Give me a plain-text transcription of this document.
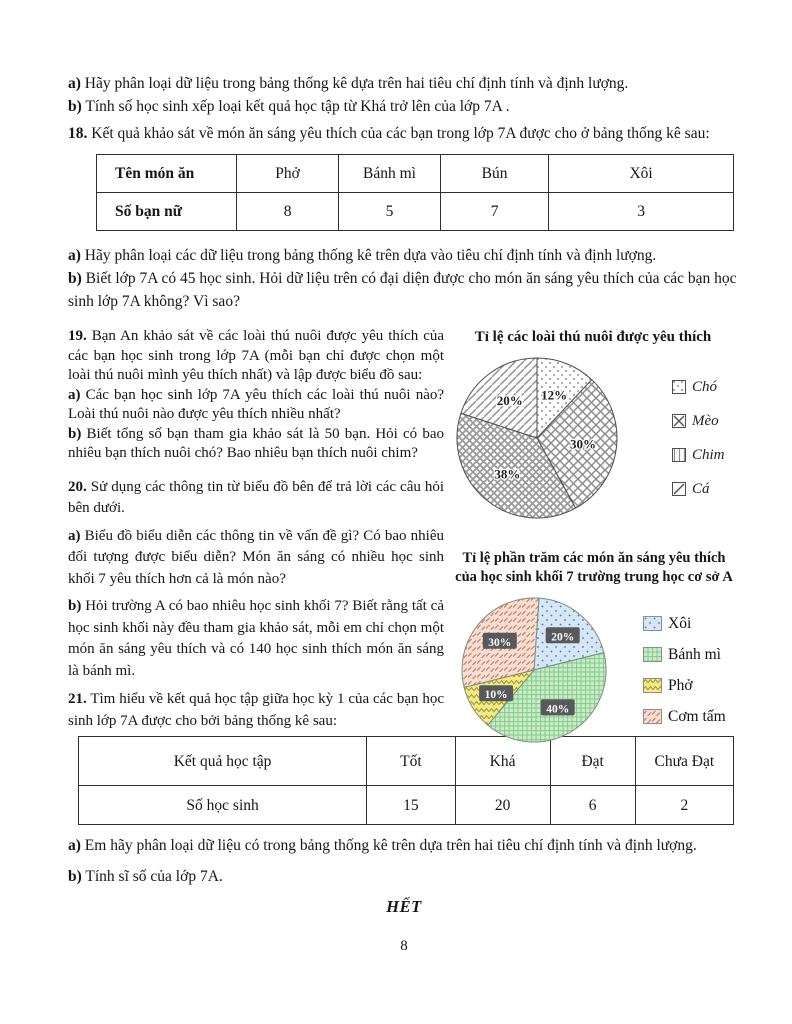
a) Hãy phân loại dữ liệu trong bảng thống kê dựa trên hai tiêu chí định tính và định lượng.

b) Tính số học sinh xếp loại kết quả học tập từ Khá trở lên của lớp 7A .

18. Kết quả khảo sát về món ăn sáng yêu thích của các bạn trong lớp 7A được cho ở bảng thống kê sau:

Tên món ăn	Phở	Bánh mì	Bún	Xôi
Số bạn nữ	8	5	7	3

a) Hãy phân loại các dữ liệu trong bảng thống kê trên dựa vào tiêu chí định tính và định lượng.

b) Biết lớp 7A có 45 học sinh. Hỏi dữ liệu trên có đại diện được cho món ăn sáng yêu thích của các bạn học sinh lớp 7A không? Vì sao?

19. Bạn An khảo sát về các loài thú nuôi được yêu thích của các bạn học sinh trong lớp 7A (mỗi bạn chỉ được chọn một loài thú nuôi mình yêu thích nhất) và lập được biểu đồ sau:

a) Các bạn học sinh lớp 7A yêu thích các loài thú nuôi nào? Loài thú nuôi nào được yêu thích nhiều nhất?

b) Biết tổng số bạn tham gia khảo sát là 50 bạn. Hỏi có bao nhiêu bạn thích nuôi chó? Bao nhiêu bạn thích nuôi chim?

20. Sử dụng các thông tin từ biểu đồ bên để trả lời các câu hỏi bên dưới.

a) Biểu đồ biểu diễn các thông tin về vấn đề gì? Có bao nhiêu đối tượng được biểu diễn? Món ăn sáng có nhiều học sinh khối 7 yêu thích hơn cả là món nào?

b) Hỏi trường A có bao nhiêu học sinh khối 7? Biết rằng tất cả học sinh khối này đều tham gia khảo sát, mỗi em chỉ chọn một món ăn sáng yêu thích và có 140 học sinh thích món ăn sáng là bánh mì.

21. Tìm hiểu về kết quả học tập giữa học kỳ 1 của các bạn học sinh lớp 7A được cho bởi bảng thống kê sau:

Tỉ lệ các loài thú nuôi được yêu thích
12%
30%
38%
20%
Chó
Mèo
Chim
Cá
Tỉ lệ phần trăm các món ăn sáng yêu thích
của học sinh khối 7 trường trung học cơ sở A
20%
40%
10%
30%
Xôi
Bánh mì
Phở
Cơm tấm
Kết quả học tập	Tốt	Khá	Đạt	Chưa Đạt
Số học sinh	15	20	6	2

a) Em hãy phân loại dữ liệu có trong bảng thống kê trên dựa trên hai tiêu chí định tính và định lượng.

b) Tính sĩ số của lớp 7A.

HẾT
8
